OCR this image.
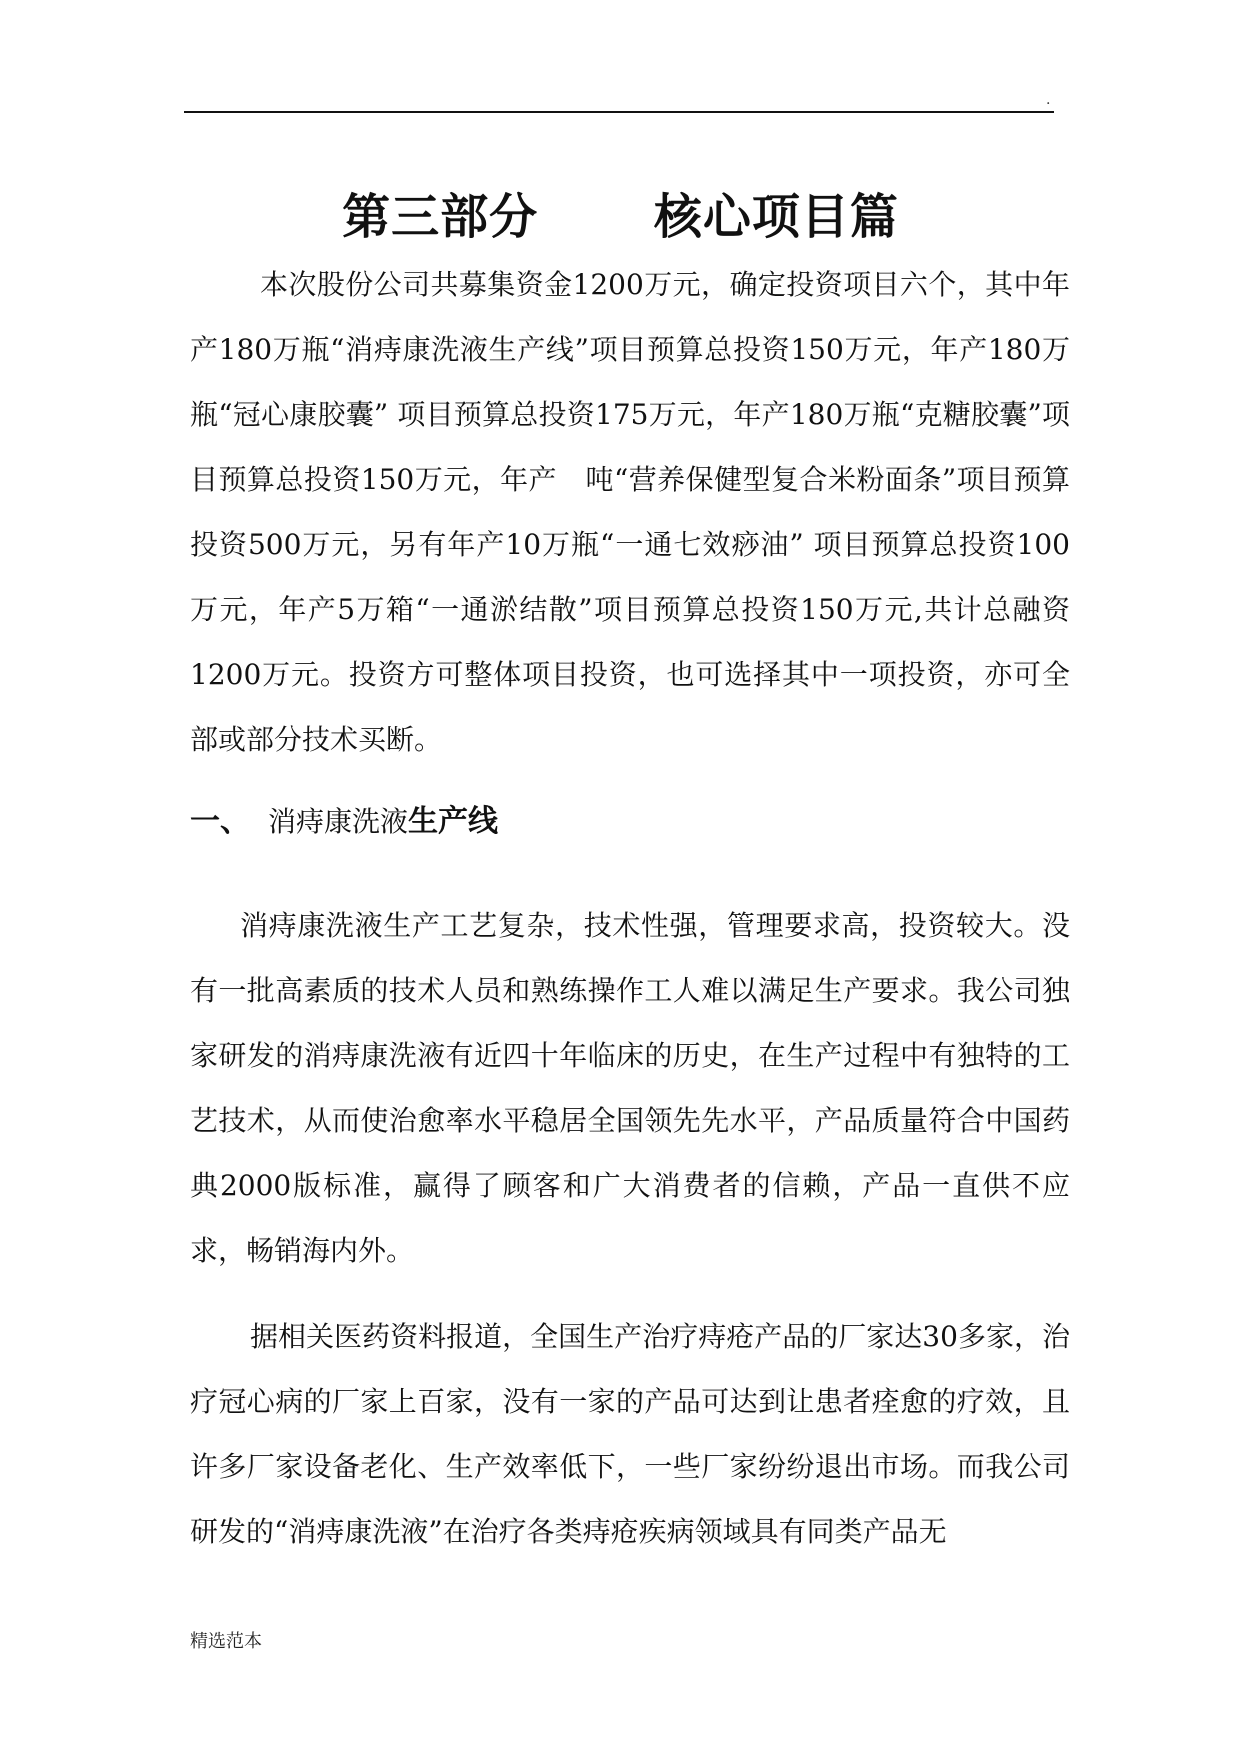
.
第三部分　　 核心项目篇

本次股份公司共募集资金1200万元，确定投资项目六个，其中年产180万瓶“消痔康洗液生产线”项目预算总投资150万元，年产180万瓶“冠心康胶囊” 项目预算总投资175万元，年产180万瓶“克糖胶囊”项目预算总投资150万元，年产　吨“营养保健型复合米粉面条”项目预算投资500万元，另有年产10万瓶“一通七效痧油” 项目预算总投资100万元，年产5万箱“一通淤结散”项目预算总投资150万元,共计总融资1200万元。投资方可整体项目投资，也可选择其中一项投资，亦可全部或部分技术买断。

一、 消痔康洗液生产线

消痔康洗液生产工艺复杂，技术性强，管理要求高，投资较大。没有一批高素质的技术人员和熟练操作工人难以满足生产要求。我公司独家研发的消痔康洗液有近四十年临床的历史，在生产过程中有独特的工艺技术，从而使治愈率水平稳居全国领先先水平，产品质量符合中国药典2000版标准，赢得了顾客和广大消费者的信赖，产品一直供不应求，畅销海内外。

据相关医药资料报道，全国生产治疗痔疮产品的厂家达30多家，治疗冠心病的厂家上百家，没有一家的产品可达到让患者痊愈的疗效，且许多厂家设备老化、生产效率低下，一些厂家纷纷退出市场。而我公司研发的“消痔康洗液”在治疗各类痔疮疾病领域具有同类产品无

精选范本
